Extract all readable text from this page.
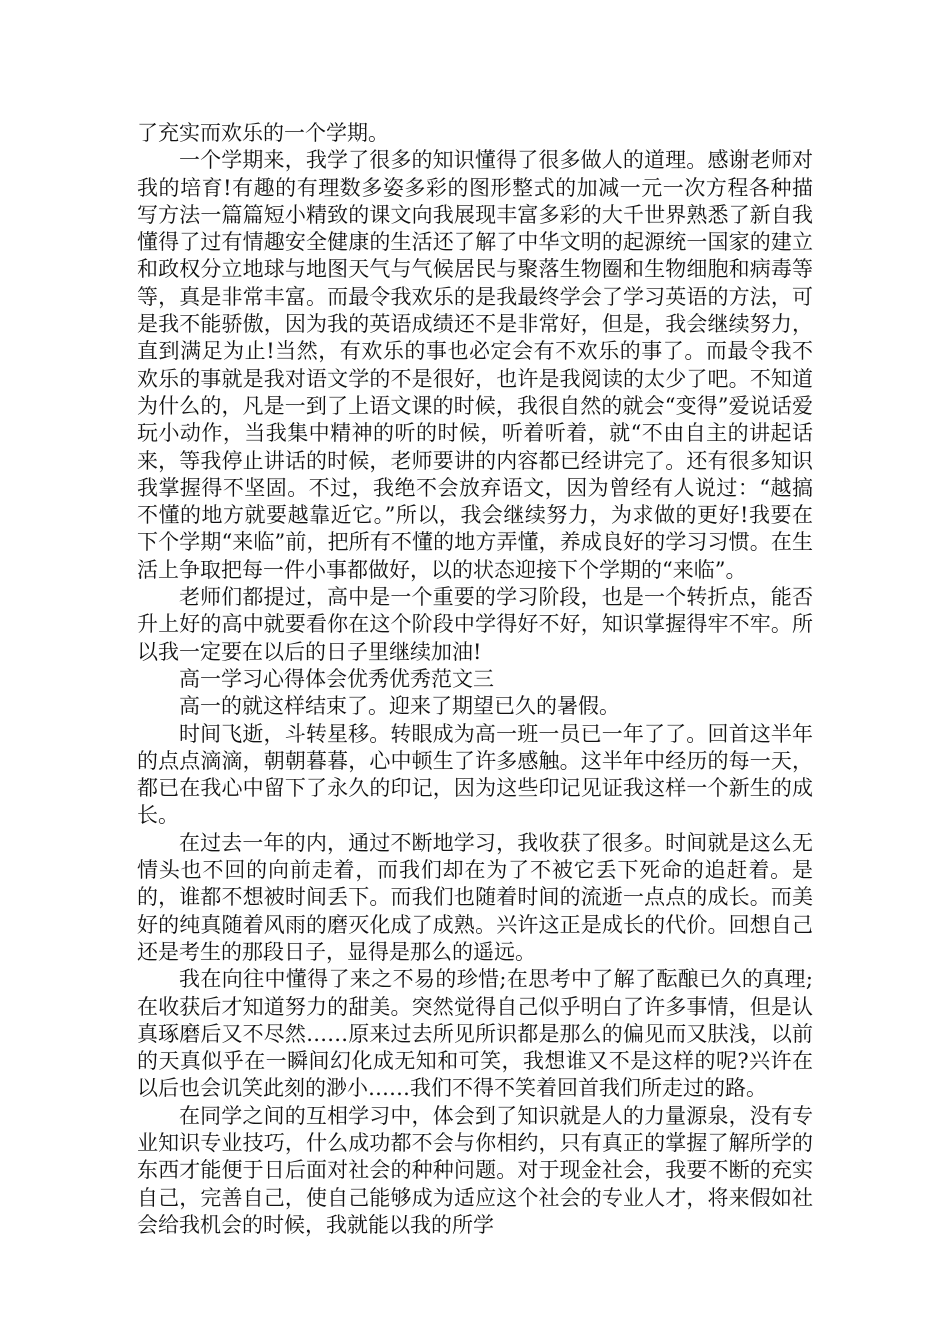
了充实而欢乐的一个学期。

一个学期来，我学了很多的知识懂得了很多做人的道理。感谢老师对我的培育!有趣的有理数多姿多彩的图形整式的加减一元一次方程各种描写方法一篇篇短小精致的课文向我展现丰富多彩的大千世界熟悉了新自我懂得了过有情趣安全健康的生活还了解了中华文明的起源统一国家的建立和政权分立地球与地图天气与气候居民与聚落生物圈和生物细胞和病毒等等，真是非常丰富。而最令我欢乐的是我最终学会了学习英语的方法，可是我不能骄傲，因为我的英语成绩还不是非常好，但是，我会继续努力，直到满足为止!当然，有欢乐的事也必定会有不欢乐的事了。而最令我不欢乐的事就是我对语文学的不是很好，也许是我阅读的太少了吧。不知道为什么的，凡是一到了上语文课的时候，我很自然的就会“变得”爱说话爱玩小动作，当我集中精神的听的时候，听着听着，就“不由自主的讲起话来，等我停止讲话的时候，老师要讲的内容都已经讲完了。还有很多知识我掌握得不坚固。不过，我绝不会放弃语文，因为曾经有人说过：“越搞不懂的地方就要越靠近它。”所以，我会继续努力，为求做的更好!我要在下个学期“来临”前，把所有不懂的地方弄懂，养成良好的学习习惯。在生活上争取把每一件小事都做好，以的状态迎接下个学期的“来临”。

老师们都提过，高中是一个重要的学习阶段，也是一个转折点，能否升上好的高中就要看你在这个阶段中学得好不好，知识掌握得牢不牢。所以我一定要在以后的日子里继续加油!

高一学习心得体会优秀优秀范文三

高一的就这样结束了。迎来了期望已久的暑假。

时间飞逝，斗转星移。转眼成为高一班一员已一年了了。回首这半年的点点滴滴，朝朝暮暮，心中顿生了许多感触。这半年中经历的每一天，都已在我心中留下了永久的印记，因为这些印记见证我这样一个新生的成长。

在过去一年的内，通过不断地学习，我收获了很多。时间就是这么无情头也不回的向前走着，而我们却在为了不被它丢下死命的追赶着。是的，谁都不想被时间丢下。而我们也随着时间的流逝一点点的成长。而美好的纯真随着风雨的磨灭化成了成熟。兴许这正是成长的代价。回想自己还是考生的那段日子，显得是那么的遥远。

我在向往中懂得了来之不易的珍惜;在思考中了解了酝酿已久的真理;在收获后才知道努力的甜美。突然觉得自己似乎明白了许多事情，但是认真琢磨后又不尽然……原来过去所见所识都是那么的偏见而又肤浅，以前的天真似乎在一瞬间幻化成无知和可笑，我想谁又不是这样的呢?兴许在以后也会讥笑此刻的渺小……我们不得不笑着回首我们所走过的路。

在同学之间的互相学习中，体会到了知识就是人的力量源泉，没有专业知识专业技巧，什么成功都不会与你相约，只有真正的掌握了解所学的东西才能便于日后面对社会的种种问题。对于现金社会，我要不断的充实自己，完善自己，使自己能够成为适应这个社会的专业人才，将来假如社会给我机会的时候，我就能以我的所学
